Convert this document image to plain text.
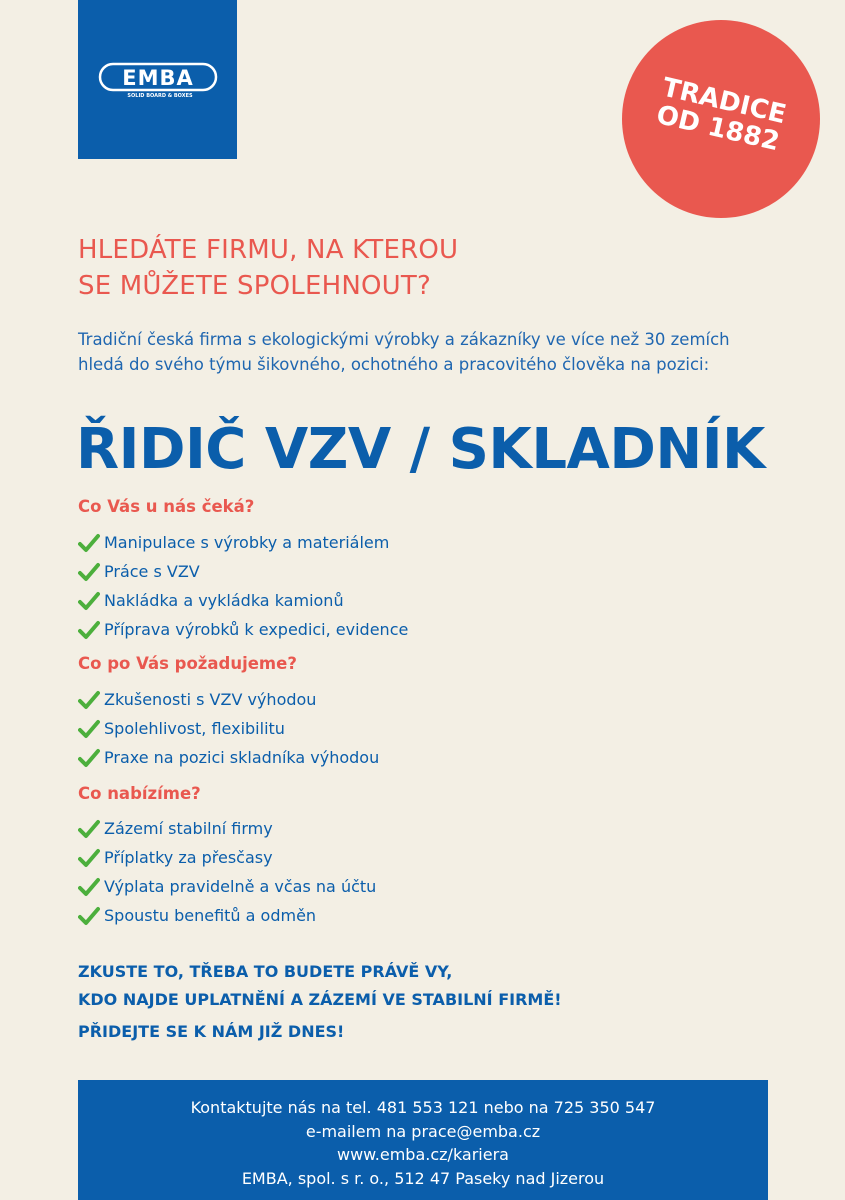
EMBA
SOLID BOARD & BOXES	TRADICE
OD 1882
HLEDÁTE FIRMU, NA KTEROU
SE MŮŽETE SPOLEHNOUT?
Tradiční česká firma s ekologickými výrobky a zákazníky ve více než 30 zemích
hledá do svého týmu šikovného, ochotného a pracovitého člověka na pozici:
ŘIDIČ VZV / SKLADNÍK
Co Vás u nás čeká?
Manipulace s výrobky a materiálem
Práce s VZV
Nakládka a vykládka kamionů
Příprava výrobků k expedici, evidence
Co po Vás požadujeme?
Zkušenosti s VZV výhodou
Spolehlivost, flexibilitu
Praxe na pozici skladníka výhodou
Co nabízíme?
Zázemí stabilní firmy
Příplatky za přesčasy
Výplata pravidelně a včas na účtu
Spoustu benefitů a odměn
ZKUSTE TO, TŘEBA TO BUDETE PRÁVĚ VY,
KDO NAJDE UPLATNĚNÍ A ZÁZEMÍ VE STABILNÍ FIRMĚ!
PŘIDEJTE SE K NÁM JIŽ DNES!
Kontaktujte nás na tel. 481 553 121 nebo na 725 350 547
e-mailem na prace@emba.cz
www.emba.cz/kariera
EMBA, spol. s r. o., 512 47 Paseky nad Jizerou
